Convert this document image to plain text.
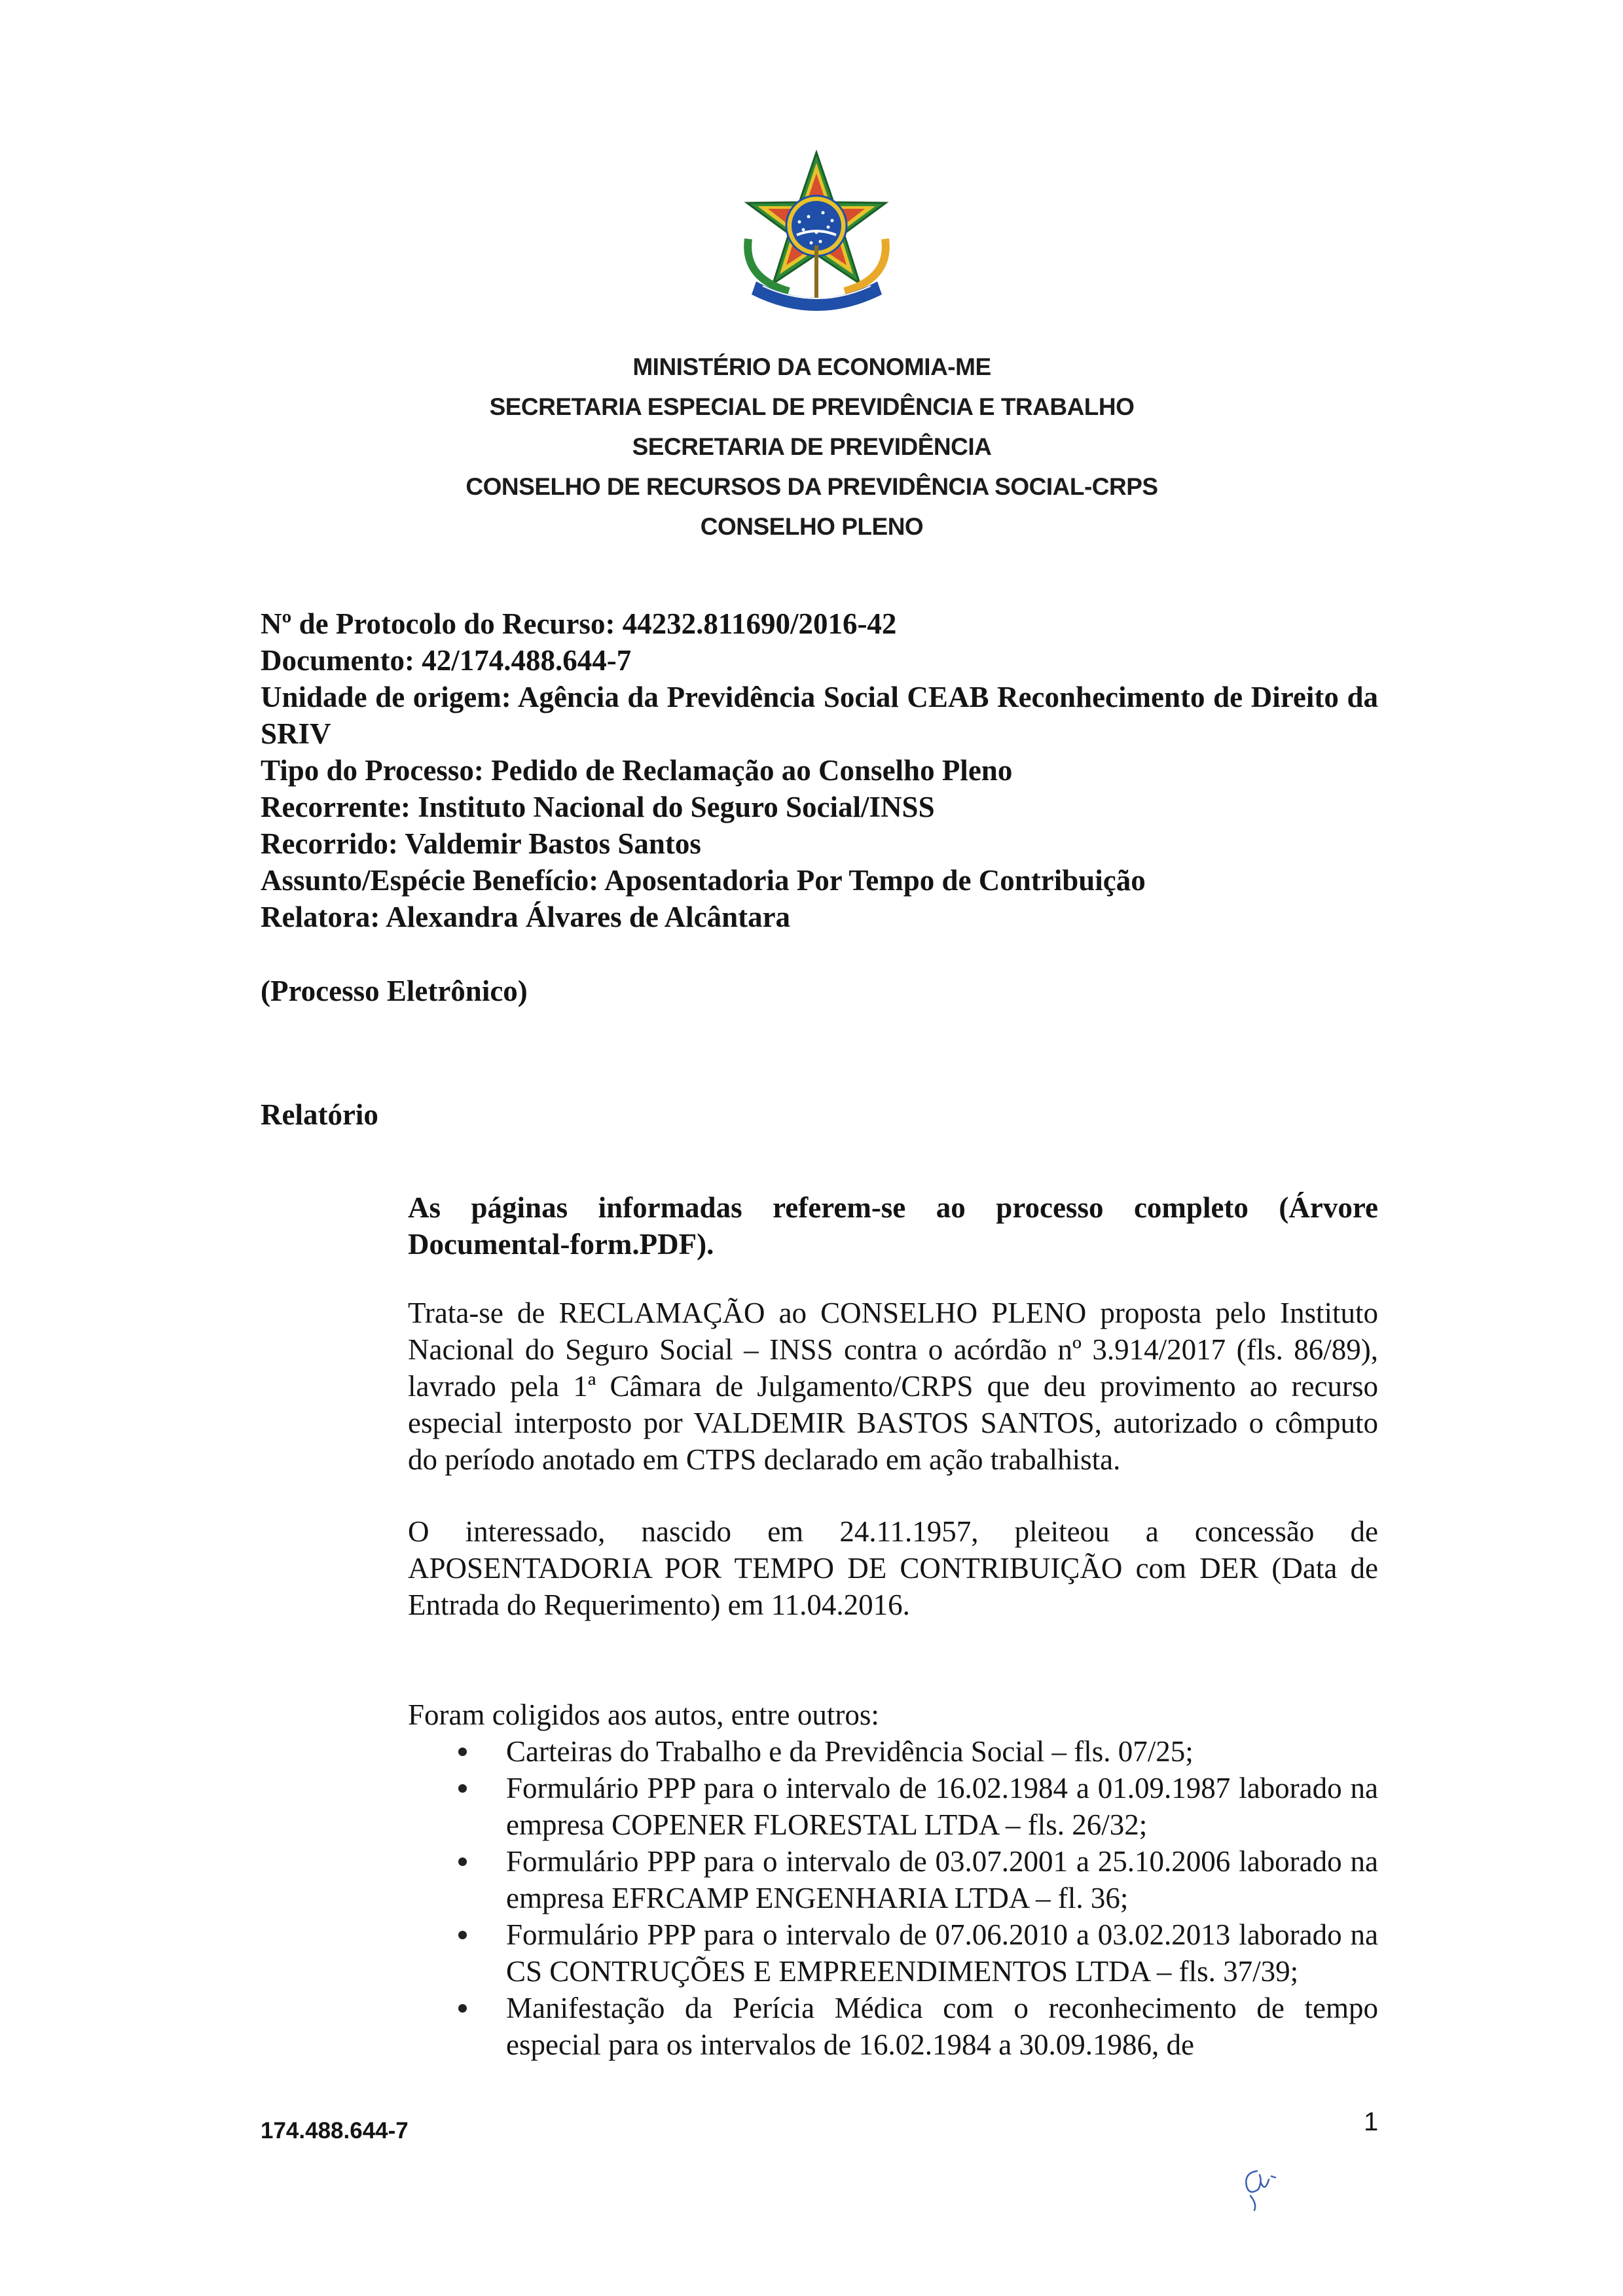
MINISTÉRIO DA ECONOMIA-ME
SECRETARIA ESPECIAL DE PREVIDÊNCIA E TRABALHO
SECRETARIA DE PREVIDÊNCIA
CONSELHO DE RECURSOS DA PREVIDÊNCIA SOCIAL-CRPS
CONSELHO PLENO
Nº de Protocolo do Recurso: 44232.811690/2016-42
Documento: 42/174.488.644-7
Unidade de origem: Agência da Previdência Social CEAB Reconhecimento de Direito da SRIV
Tipo do Processo: Pedido de Reclamação ao Conselho Pleno
Recorrente: Instituto Nacional do Seguro Social/INSS
Recorrido: Valdemir Bastos Santos
Assunto/Espécie Benefício: Aposentadoria Por Tempo de Contribuição
Relatora: Alexandra Álvares de Alcântara
(Processo Eletrônico)
Relatório
As páginas informadas referem-se ao processo completo (Árvore Documental-form.PDF).
Trata-se de RECLAMAÇÃO ao CONSELHO PLENO proposta pelo Instituto Nacional do Seguro Social – INSS contra o acórdão nº 3.914/2017 (fls. 86/89), lavrado pela 1ª Câmara de Julgamento/CRPS que deu provimento ao recurso especial interposto por VALDEMIR BASTOS SANTOS, autorizado o cômputo do período anotado em CTPS declarado em ação trabalhista.
O interessado, nascido em 24.11.1957, pleiteou a concessão de APOSENTADORIA POR TEMPO DE CONTRIBUIÇÃO com DER (Data de Entrada do Requerimento) em 11.04.2016.
Foram coligidos aos autos, entre outros:
Carteiras do Trabalho e da Previdência Social – fls. 07/25;
Formulário PPP para o intervalo de 16.02.1984 a 01.09.1987 laborado na empresa COPENER FLORESTAL LTDA – fls. 26/32;
Formulário PPP para o intervalo de 03.07.2001 a 25.10.2006 laborado na empresa EFRCAMP ENGENHARIA LTDA – fl. 36;
Formulário PPP para o intervalo de 07.06.2010 a 03.02.2013 laborado na CS CONTRUÇÕES E EMPREENDIMENTOS LTDA – fls. 37/39;
Manifestação da Perícia Médica com o reconhecimento de tempo especial para os intervalos de 16.02.1984 a 30.09.1986, de
174.488.644-7	1
